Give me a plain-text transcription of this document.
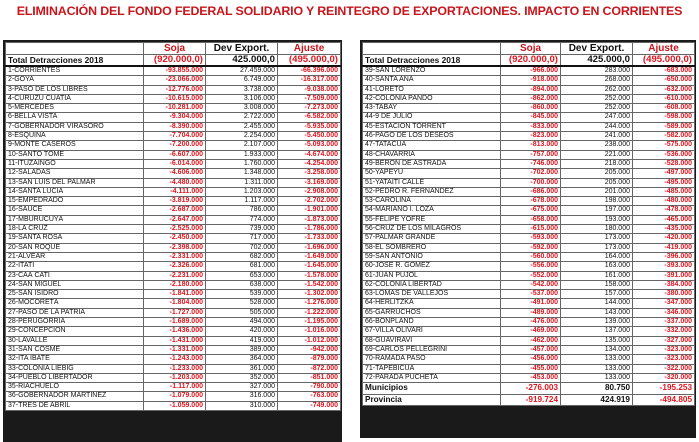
ELIMINACIÓN DEL FONDO FEDERAL SOLIDARIO Y REINTEGRO DE EXPORTACIONES. IMPACTO EN CORRIENTES
	Soja	Dev Export.	Ajuste
Total Detracciones 2018	(920.000,0)	425.000,0	(495.000,0)
1-CORRIENTES	-93.855.000	27.459.000	-66.396.000
2-GOYA	-23.066.000	6.749.000	-16.317.000
3-PASO DE LOS LIBRES	-12.776.000	3.738.000	-9.038.000
4-CURUZÚ CUATIÁ	-10.615.000	3.106.000	-7.509.000
5-MERCEDES	-10.281.000	3.008.000	-7.273.000
6-BELLA VISTA	-9.304.000	2.722.000	-6.582.000
7-GOBERNADOR VIRASORO	-8.390.000	2.455.000	-5.935.000
8-ESQUINA	-7.704.000	2.254.000	-5.450.000
9-MONTE CASEROS	-7.200.000	2.107.000	-5.093.000
10-SANTO TOMÉ	-6.607.000	1.933.000	-4.674.000
11-ITUZAINGÓ	-6.014.000	1.760.000	-4.254.000
12-SALADAS	-4.606.000	1.348.000	-3.258.000
13-SAN LUIS DEL PALMAR	-4.480.000	1.311.000	-3.169.000
14-SANTA LUCÍA	-4.111.000	1.203.000	-2.908.000
15-EMPEDRADO	-3.819.000	1.117.000	-2.702.000
16-SAUCE	-2.687.000	786.000	-1.901.000
17-MBURUCUYÁ	-2.647.000	774.000	-1.873.000
18-LA CRUZ	-2.525.000	739.000	-1.786.000
19-SANTA ROSA	-2.450.000	717.000	-1.733.000
20-SAN ROQUE	-2.398.000	702.000	-1.696.000
21-ALVEAR	-2.331.000	682.000	-1.649.000
22-ITATÍ	-2.326.000	681.000	-1.645.000
23-CAÁ CATÍ	-2.231.000	653.000	-1.578.000
24-SAN MIGUEL	-2.180.000	638.000	-1.542.000
25-SAN ISIDRO	-1.841.000	539.000	-1.302.000
26-MOCORETÁ	-1.804.000	528.000	-1.276.000
27-PASO DE LA PATRIA	-1.727.000	505.000	-1.222.000
28-PERUGORRÍA	-1.689.000	494.000	-1.195.000
29-CONCEPCIÓN	-1.436.000	420.000	-1.016.000
30-LAVALLE	-1.431.000	419.000	-1.012.000
31-SAN COSME	-1.331.000	389.000	-942.000
32-ITA IBATÉ	-1.243.000	364.000	-879.000
33-COLONIA LIEBIG	-1.233.000	361.000	-872.000
34-PUEBLO LIBERTADOR	-1.203.000	352.000	-851.000
35-RIACHUELO	-1.117.000	327.000	-790.000
36-GOBERNADOR MARTÍNEZ	-1.079.000	316.000	-763.000
37-TRES DE ABRIL	-1.059.000	310.000	-749.000
	Soja	Dev Export.	Ajuste
Total Detracciones 2018	(920.000,0)	425.000,0	(495.000,0)
39-SAN LORENZO	-966.000	283.000	-683.000
40-SANTA ANA	-918.000	268.000	-650.000
41-LORETO	-894.000	262.000	-632.000
42-COLONIA PANDO	-862.000	252.000	-610.000
43-TABAY	-860.000	252.000	-608.000
44-9 DE JULIO	-845.000	247.000	-598.000
45-ESTACIÓN TORRENT	-833.000	244.000	-589.000
46-PAGO DE LOS DESEOS	-823.000	241.000	-582.000
47-TATACUÁ	-813.000	238.000	-575.000
48-CHAVARRÍA	-757.000	221.000	-536.000
49-BERÓN DE ASTRADA	-746.000	218.000	-528.000
50-YAPEYÚ	-702.000	205.000	-497.000
51-YATAITÍ CALLE	-700.000	205.000	-495.000
52-PEDRO R. FERNÁNDEZ	-686.000	201.000	-485.000
53-CAROLINA	-678.000	198.000	-480.000
54-MARIANO I. LOZA	-675.000	197.000	-478.000
55-FELIPE YOFRE	-658.000	193.000	-465.000
56-CRUZ DE LOS MILAGROS	-615.000	180.000	-435.000
57-PALMAR GRANDE	-593.000	173.000	-420.000
58-EL SOMBRERO	-592.000	173.000	-419.000
59-SAN ANTONIO	-560.000	164.000	-396.000
60-JOSÉ R. GÓMEZ	-556.000	163.000	-393.000
61-JUAN PUJOL	-552.000	161.000	-391.000
62-COLONIA LIBERTAD	-542.000	158.000	-384.000
63-LOMAS DE VALLEJOS	-537.000	157.000	-380.000
64-HERLITZKA	-491.000	144.000	-347.000
65-GARRUCHOS	-489.000	143.000	-346.000
66-BONPLAND	-476.000	139.000	-337.000
67-VILLA OLIVARI	-469.000	137.000	-332.000
68-GUAVIRAVÍ	-462.000	135.000	-327.000
69-CARLOS PELLEGRINI	-457.000	134.000	-323.000
70-RAMADA PASO	-456.000	133.000	-323.000
71-TAPEBICUÁ	-455.000	133.000	-322.000
72-PARADA PUCHETA	-453.000	133.000	-320.000
Municipios	-276.003	80.750	-195.253
Provincia	-919.724	424.919	-494.805
